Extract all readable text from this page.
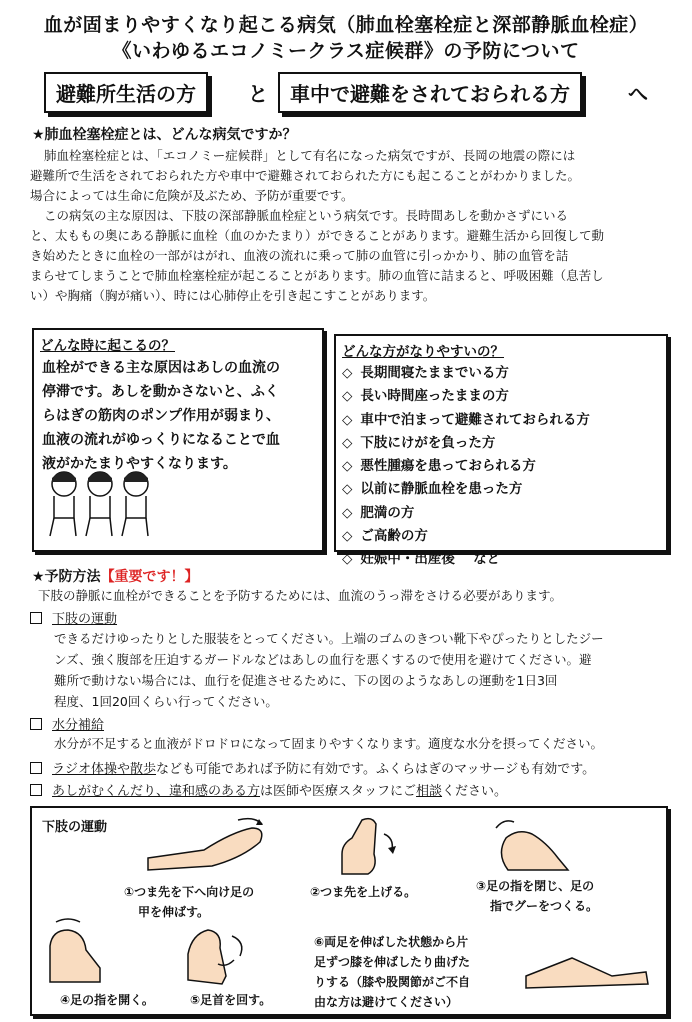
血が固まりやすくなり起こる病気（肺血栓塞栓症と深部静脈血栓症）
《いわゆるエコノミークラス症候群》の予防について
避難所生活の方	と	車中で避難をされておられる方	へ
★肺血栓塞栓症とは、どんな病気ですか？
肺血栓塞栓症とは、「エコノミー症候群」として有名になった病気ですが、長岡の地震の際には
避難所で生活をされておられた方や車中で避難されておられた方にも起こることがわかりました。
場合によっては生命に危険が及ぶため、予防が重要です。
この病気の主な原因は、下肢の深部静脈血栓症という病気です。長時間あしを動かさずにいる
と、太ももの奥にある静脈に血栓（血のかたまり）ができることがあります。避難生活から回復して動
き始めたときに血栓の一部がはがれ、血液の流れに乗って肺の血管に引っかかり、肺の血管を詰
まらせてしまうことで肺血栓塞栓症が起こることがあります。肺の血管に詰まると、呼吸困難（息苦し
い）や胸痛（胸が痛い）、時には心肺停止を引き起こすことがあります。
どんな時に起こるの？
血栓ができる主な原因はあしの血流の
停滞です。あしを動かさないと、ふく
らはぎの筋肉のポンプ作用が弱まり、
血液の流れがゆっくりになることで血
液がかたまりやすくなります。
どんな方がなりやすいの？
◇ 長期間寝たままでいる方
◇ 長い時間座ったままの方
◇ 車中で泊まって避難されておられる方
◇ 下肢にけがを負った方
◇ 悪性腫瘍を患っておられる方
◇ 以前に静脈血栓を患った方
◇ 肥満の方
◇ ご高齢の方
◇ 妊娠中・出産後　 など
★予防方法【重要です！】
下肢の静脈に血栓ができることを予防するためには、血流のうっ滞をさける必要があります。
下肢の運動
できるだけゆったりとした服装をとってください。上端のゴムのきつい靴下やぴったりとしたジー
ンズ、強く腹部を圧迫するガードルなどはあしの血行を悪くするので使用を避けてください。避
難所で動けない場合には、血行を促進させるために、下の図のようなあしの運動を1日3回
程度、1回20回くらい行ってください。
水分補給
水分が不足すると血液がドロドロになって固まりやすくなります。適度な水分を摂ってください。
ラジオ体操や散歩なども可能であれば予防に有効です。ふくらはぎのマッサージも有効です。
あしがむくんだり、違和感のある方は医師や医療スタッフにご相談ください。
下肢の運動
①つま先を下へ向け足の
甲を伸ばす。
②つま先を上げる。	③足の指を閉じ、足の
指でグーをつくる。
④足の指を開く。	⑤足首を回す。
⑥両足を伸ばした状態から片
足ずつ膝を伸ばしたり曲げた
りする（膝や股関節がご不自
由な方は避けてください）
